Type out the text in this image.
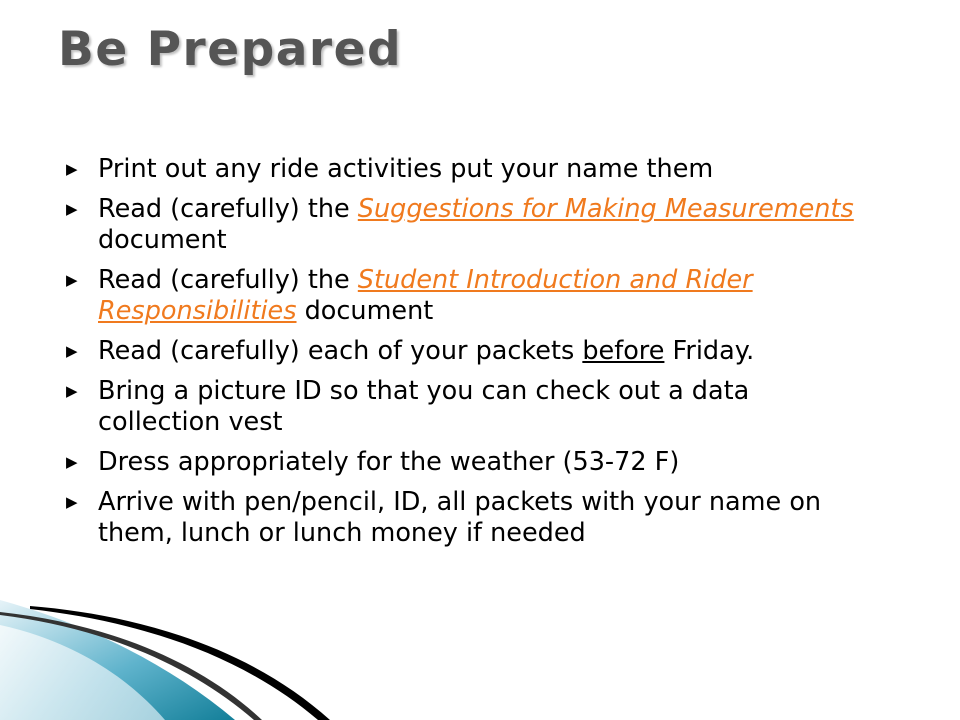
Be Prepared
▶ Print out any ride activities put your name them
▶ Read (carefully) the Suggestions for Making Measurements document
▶ Read (carefully) the Student Introduction and Rider Responsibilities document
▶ Read (carefully) each of your packets before Friday.
▶ Bring a picture ID so that you can check out a data collection vest
▶ Dress appropriately for the weather (53-72 F)
▶ Arrive with pen/pencil, ID, all packets with your name on them, lunch or lunch money if needed
